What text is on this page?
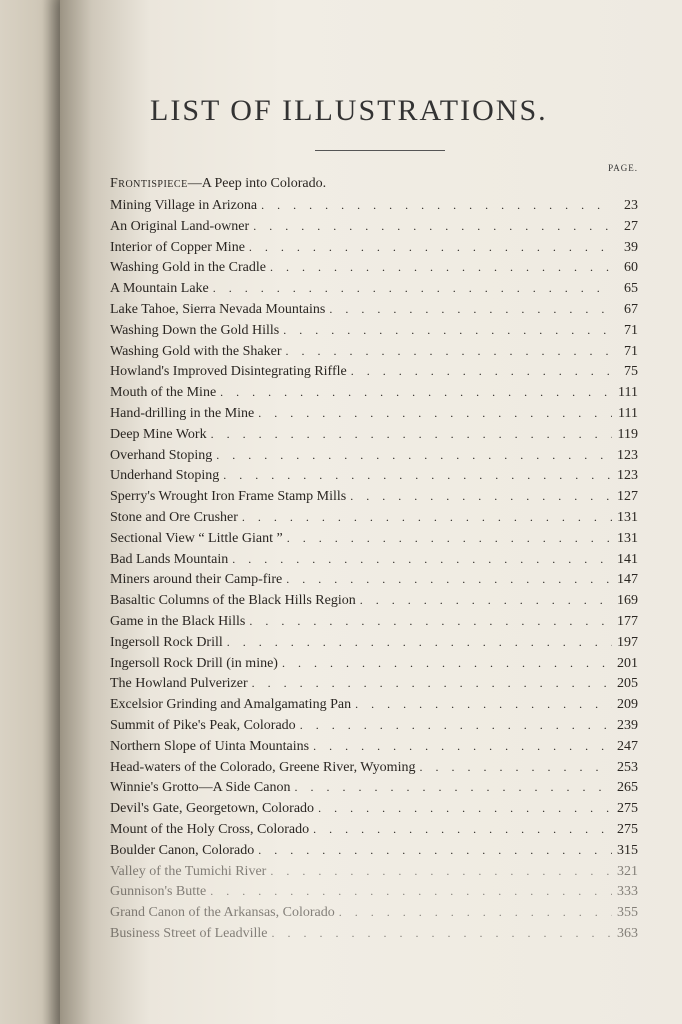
LIST OF ILLUSTRATIONS.
PAGE.
Frontispiece—A Peep into Colorado.
Mining Village in Arizona . . .	23
An Original Land-owner . . .	27
Interior of Copper Mine . . .	39
Washing Gold in the Cradle . . .	60
A Mountain Lake . . .	65
Lake Tahoe, Sierra Nevada Mountains . . .	67
Washing Down the Gold Hills . . .	71
Washing Gold with the Shaker . . .	71
Howland's Improved Disintegrating Riffle . . .	75
Mouth of the Mine . . .	111
Hand-drilling in the Mine . . .	111
Deep Mine Work . . .	119
Overhand Stoping . . .	123
Underhand Stoping . . .	123
Sperry's Wrought Iron Frame Stamp Mills . . .	127
Stone and Ore Crusher . . .	131
Sectional View “ Little Giant ” . . .	131
Bad Lands Mountain . . .	141
Miners around their Camp-fire . . .	147
Basaltic Columns of the Black Hills Region . . .	169
Game in the Black Hills . . .	177
Ingersoll Rock Drill . . .	197
Ingersoll Rock Drill (in mine) . . .	201
The Howland Pulverizer . . .	205
Excelsior Grinding and Amalgamating Pan . . .	209
Summit of Pike's Peak, Colorado . . .	239
Northern Slope of Uinta Mountains . . .	247
Head-waters of the Colorado, Greene River, Wyoming . . .	253
Winnie's Grotto—A Side Canon . . .	265
Devil's Gate, Georgetown, Colorado . . .	275
Mount of the Holy Cross, Colorado . . .	275
Boulder Canon, Colorado . . .	315
Valley of the Tumichi River . . .	321
Gunnison's Butte . . .	333
Grand Canon of the Arkansas, Colorado . . .	355
Business Street of Leadville . . .	363
